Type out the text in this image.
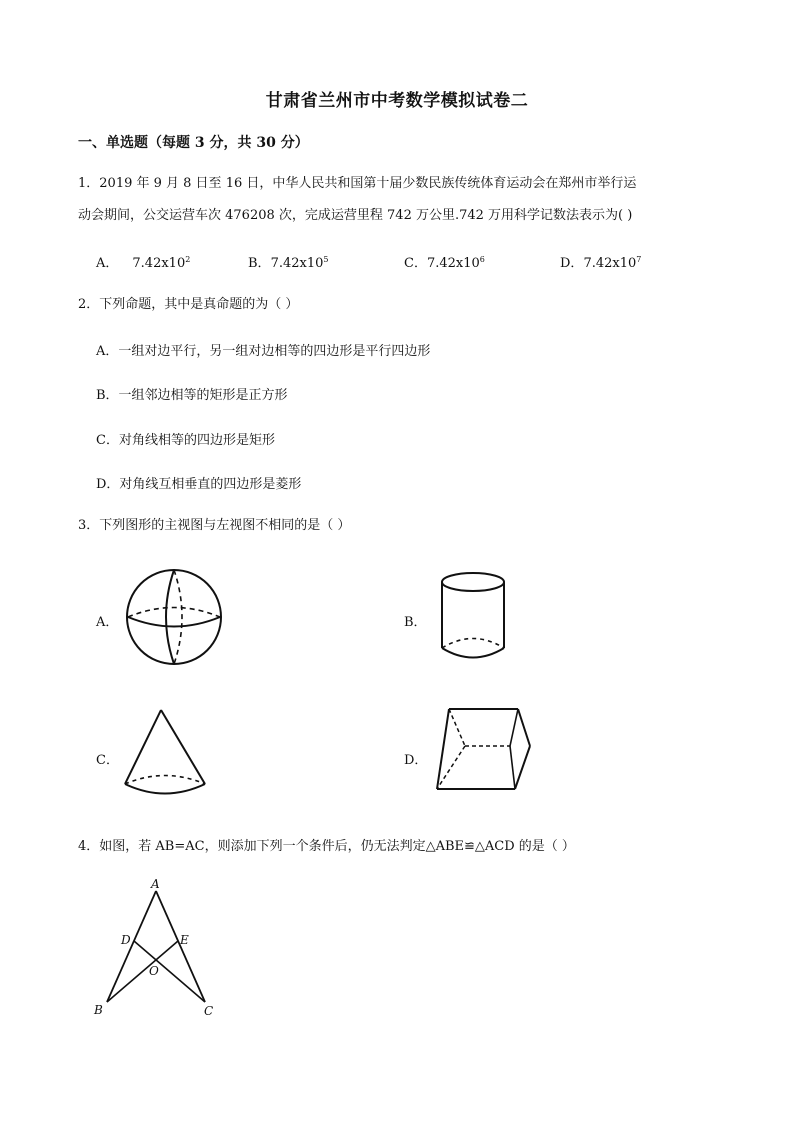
甘肃省兰州市中考数学模拟试卷二
一、单选题（每题 3 分，共 30 分）
1．2019 年 9 月 8 日至 16 日，中华人民共和国第十届少数民族传统体育运动会在郑州市举行运
动会期间，公交运营车次 476208 次，完成运营里程 742 万公里.742 万用科学记数法表示为( )
A． $7.42x10^2$	B．$7.42x10^5$	C．$7.42x10^6$	D．$7.42x10^7$
2．下列命题，其中是真命题的为（ ）
A．一组对边平行，另一组对边相等的四边形是平行四边形
B．一组邻边相等的矩形是正方形
C．对角线相等的四边形是矩形
D．对角线互相垂直的四边形是菱形
3．下列图形的主视图与左视图不相同的是（ ）
A．	B．
C．	D．
4．如图，若 AB=AC，则添加下列一个条件后，仍无法判定△ABE≌△ACD 的是（ ）
A
D	E
O
B	C
